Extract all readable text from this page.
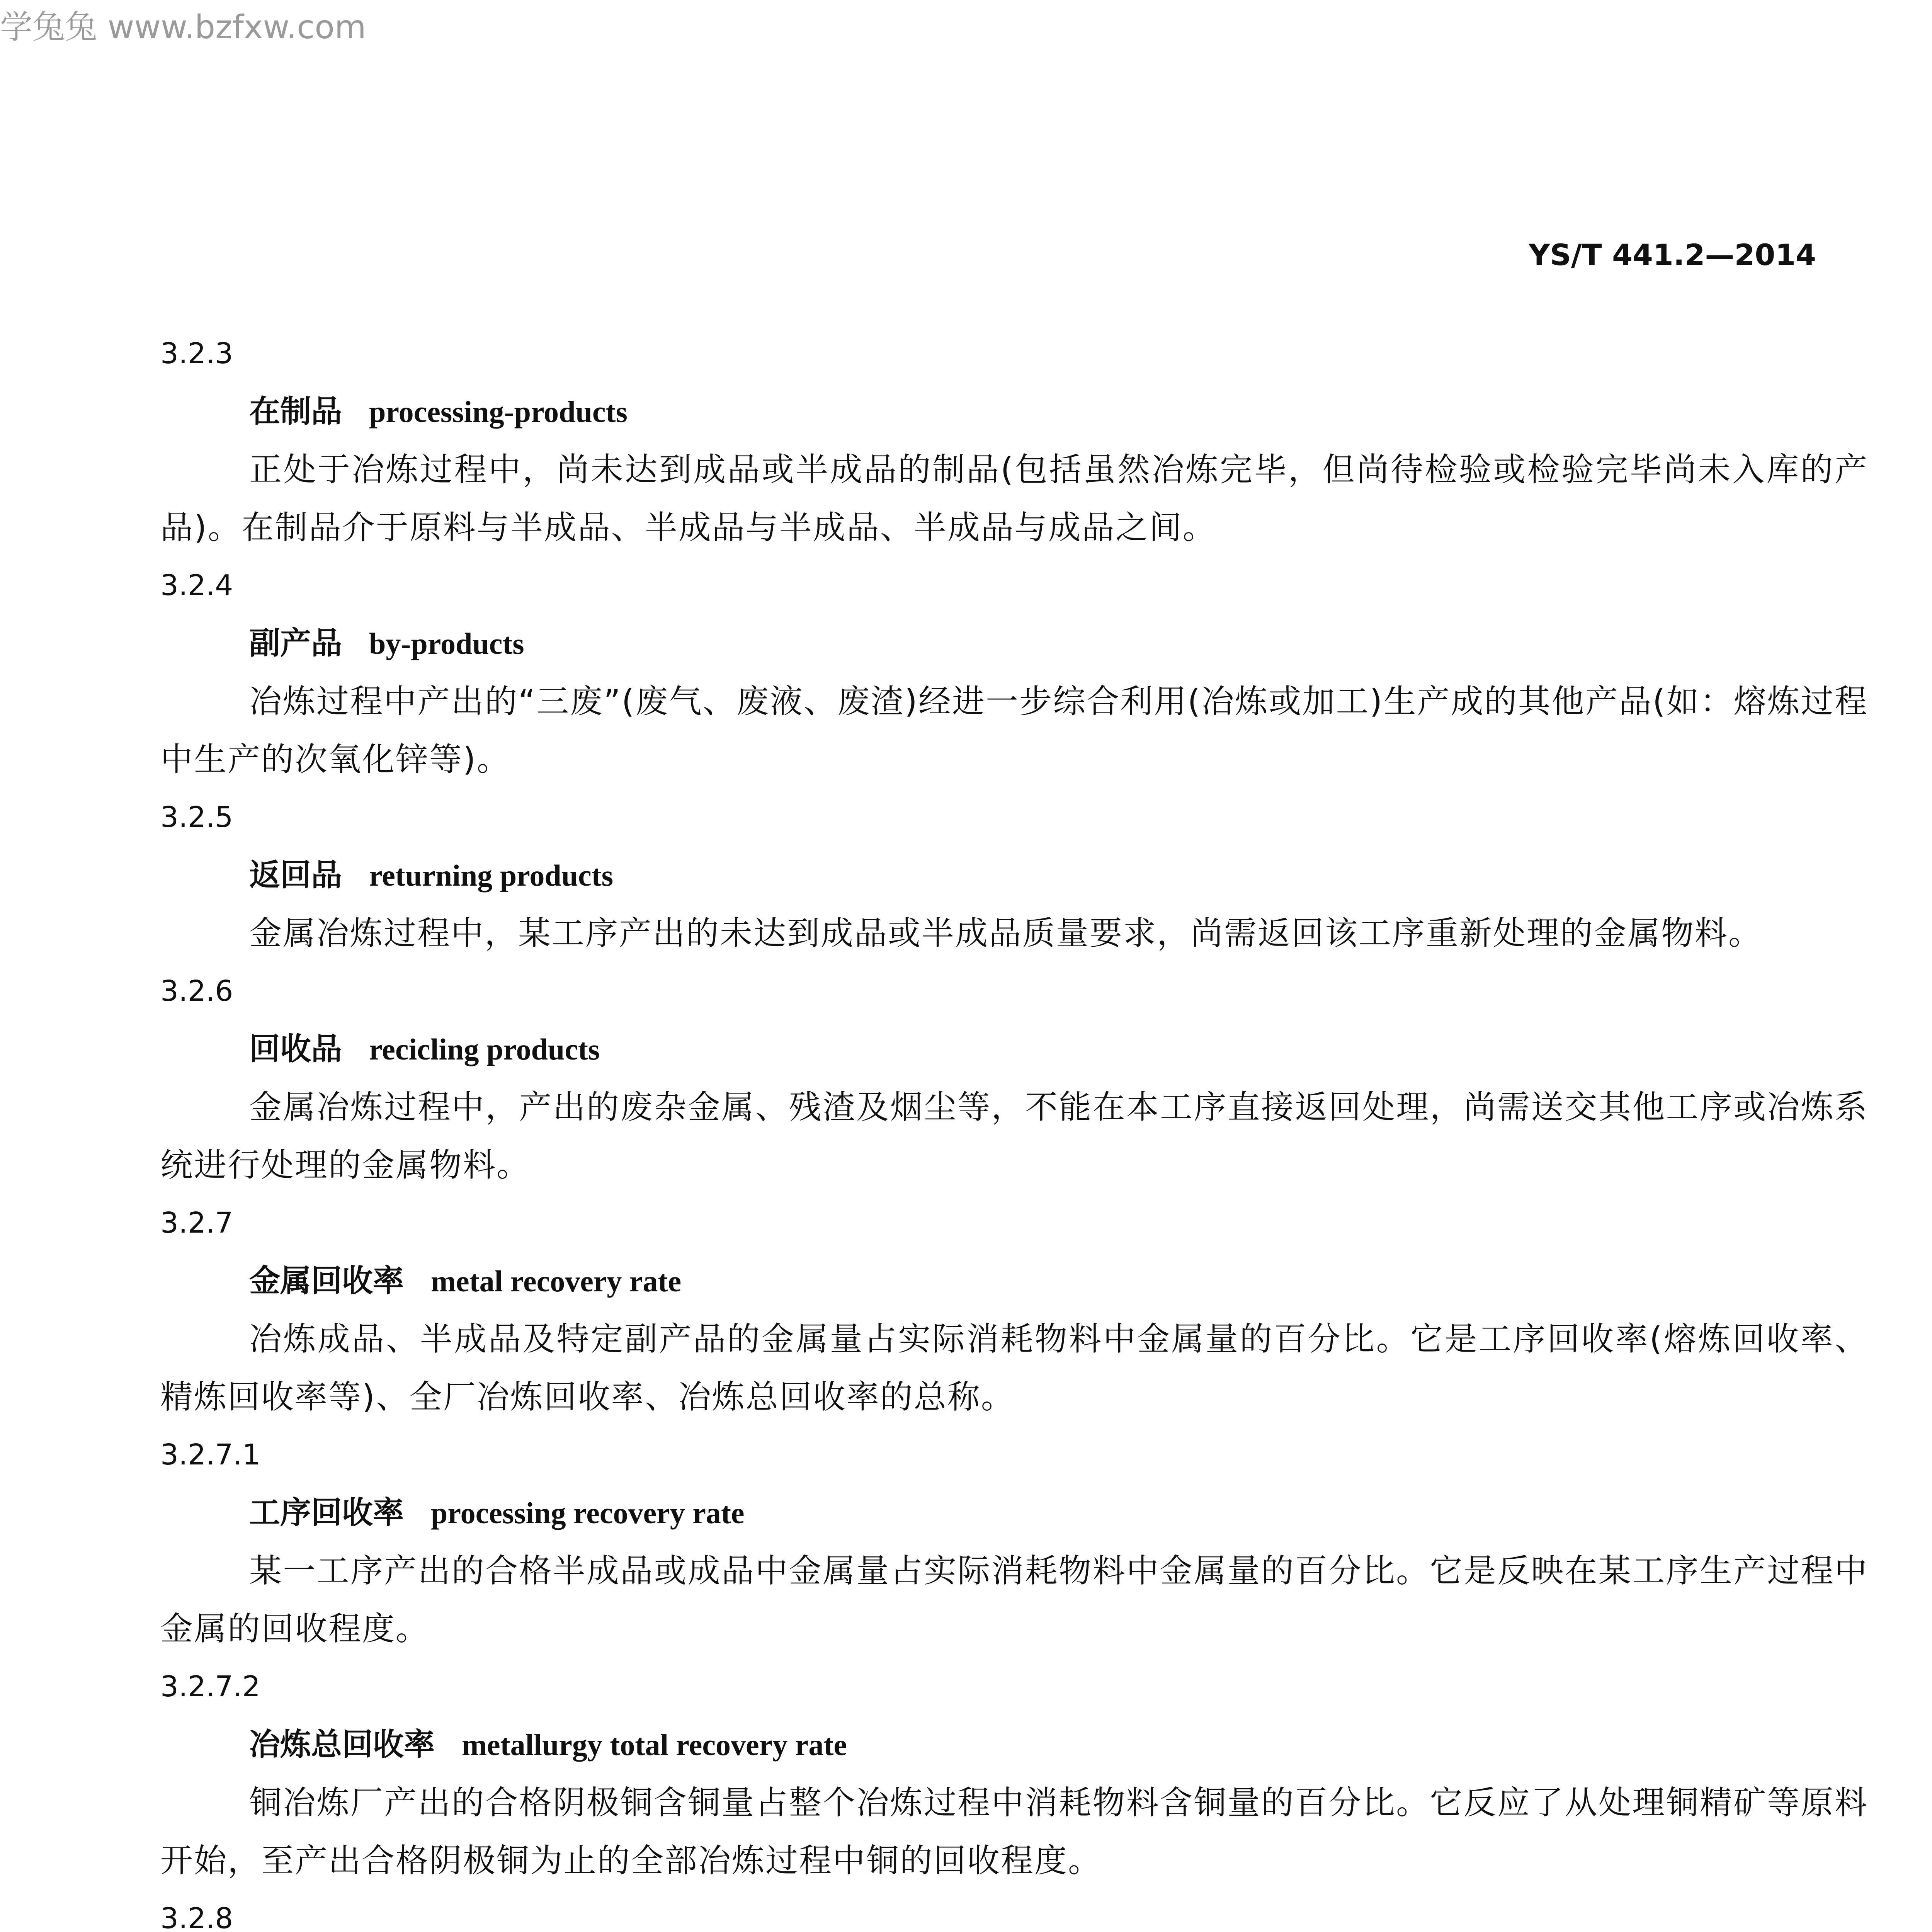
学兔兔 www.bzfxw.com
YS/T 441.2—2014
3.2.3
在制品 processing-products
正处于冶炼过程中，尚未达到成品或半成品的制品(包括虽然冶炼完毕，但尚待检验或检验完毕尚未入库的产品)。在制品介于原料与半成品、半成品与半成品、半成品与成品之间。
3.2.4
副产品 by-products
冶炼过程中产出的“三废”(废气、废液、废渣)经进一步综合利用(冶炼或加工)生产成的其他产品(如：熔炼过程中生产的次氧化锌等)。
3.2.5
返回品 returning products
金属冶炼过程中，某工序产出的未达到成品或半成品质量要求，尚需返回该工序重新处理的金属物料。
3.2.6
回收品 recicling products
金属冶炼过程中，产出的废杂金属、残渣及烟尘等，不能在本工序直接返回处理，尚需送交其他工序或冶炼系统进行处理的金属物料。
3.2.7
金属回收率 metal recovery rate
冶炼成品、半成品及特定副产品的金属量占实际消耗物料中金属量的百分比。它是工序回收率(熔炼回收率、精炼回收率等)、全厂冶炼回收率、冶炼总回收率的总称。
3.2.7.1
工序回收率 processing recovery rate
某一工序产出的合格半成品或成品中金属量占实际消耗物料中金属量的百分比。它是反映在某工序生产过程中金属的回收程度。
3.2.7.2
冶炼总回收率 metallurgy total recovery rate
铜冶炼厂产出的合格阴极铜含铜量占整个冶炼过程中消耗物料含铜量的百分比。它反应了从处理铜精矿等原料开始，至产出合格阴极铜为止的全部冶炼过程中铜的回收程度。
3.2.8
